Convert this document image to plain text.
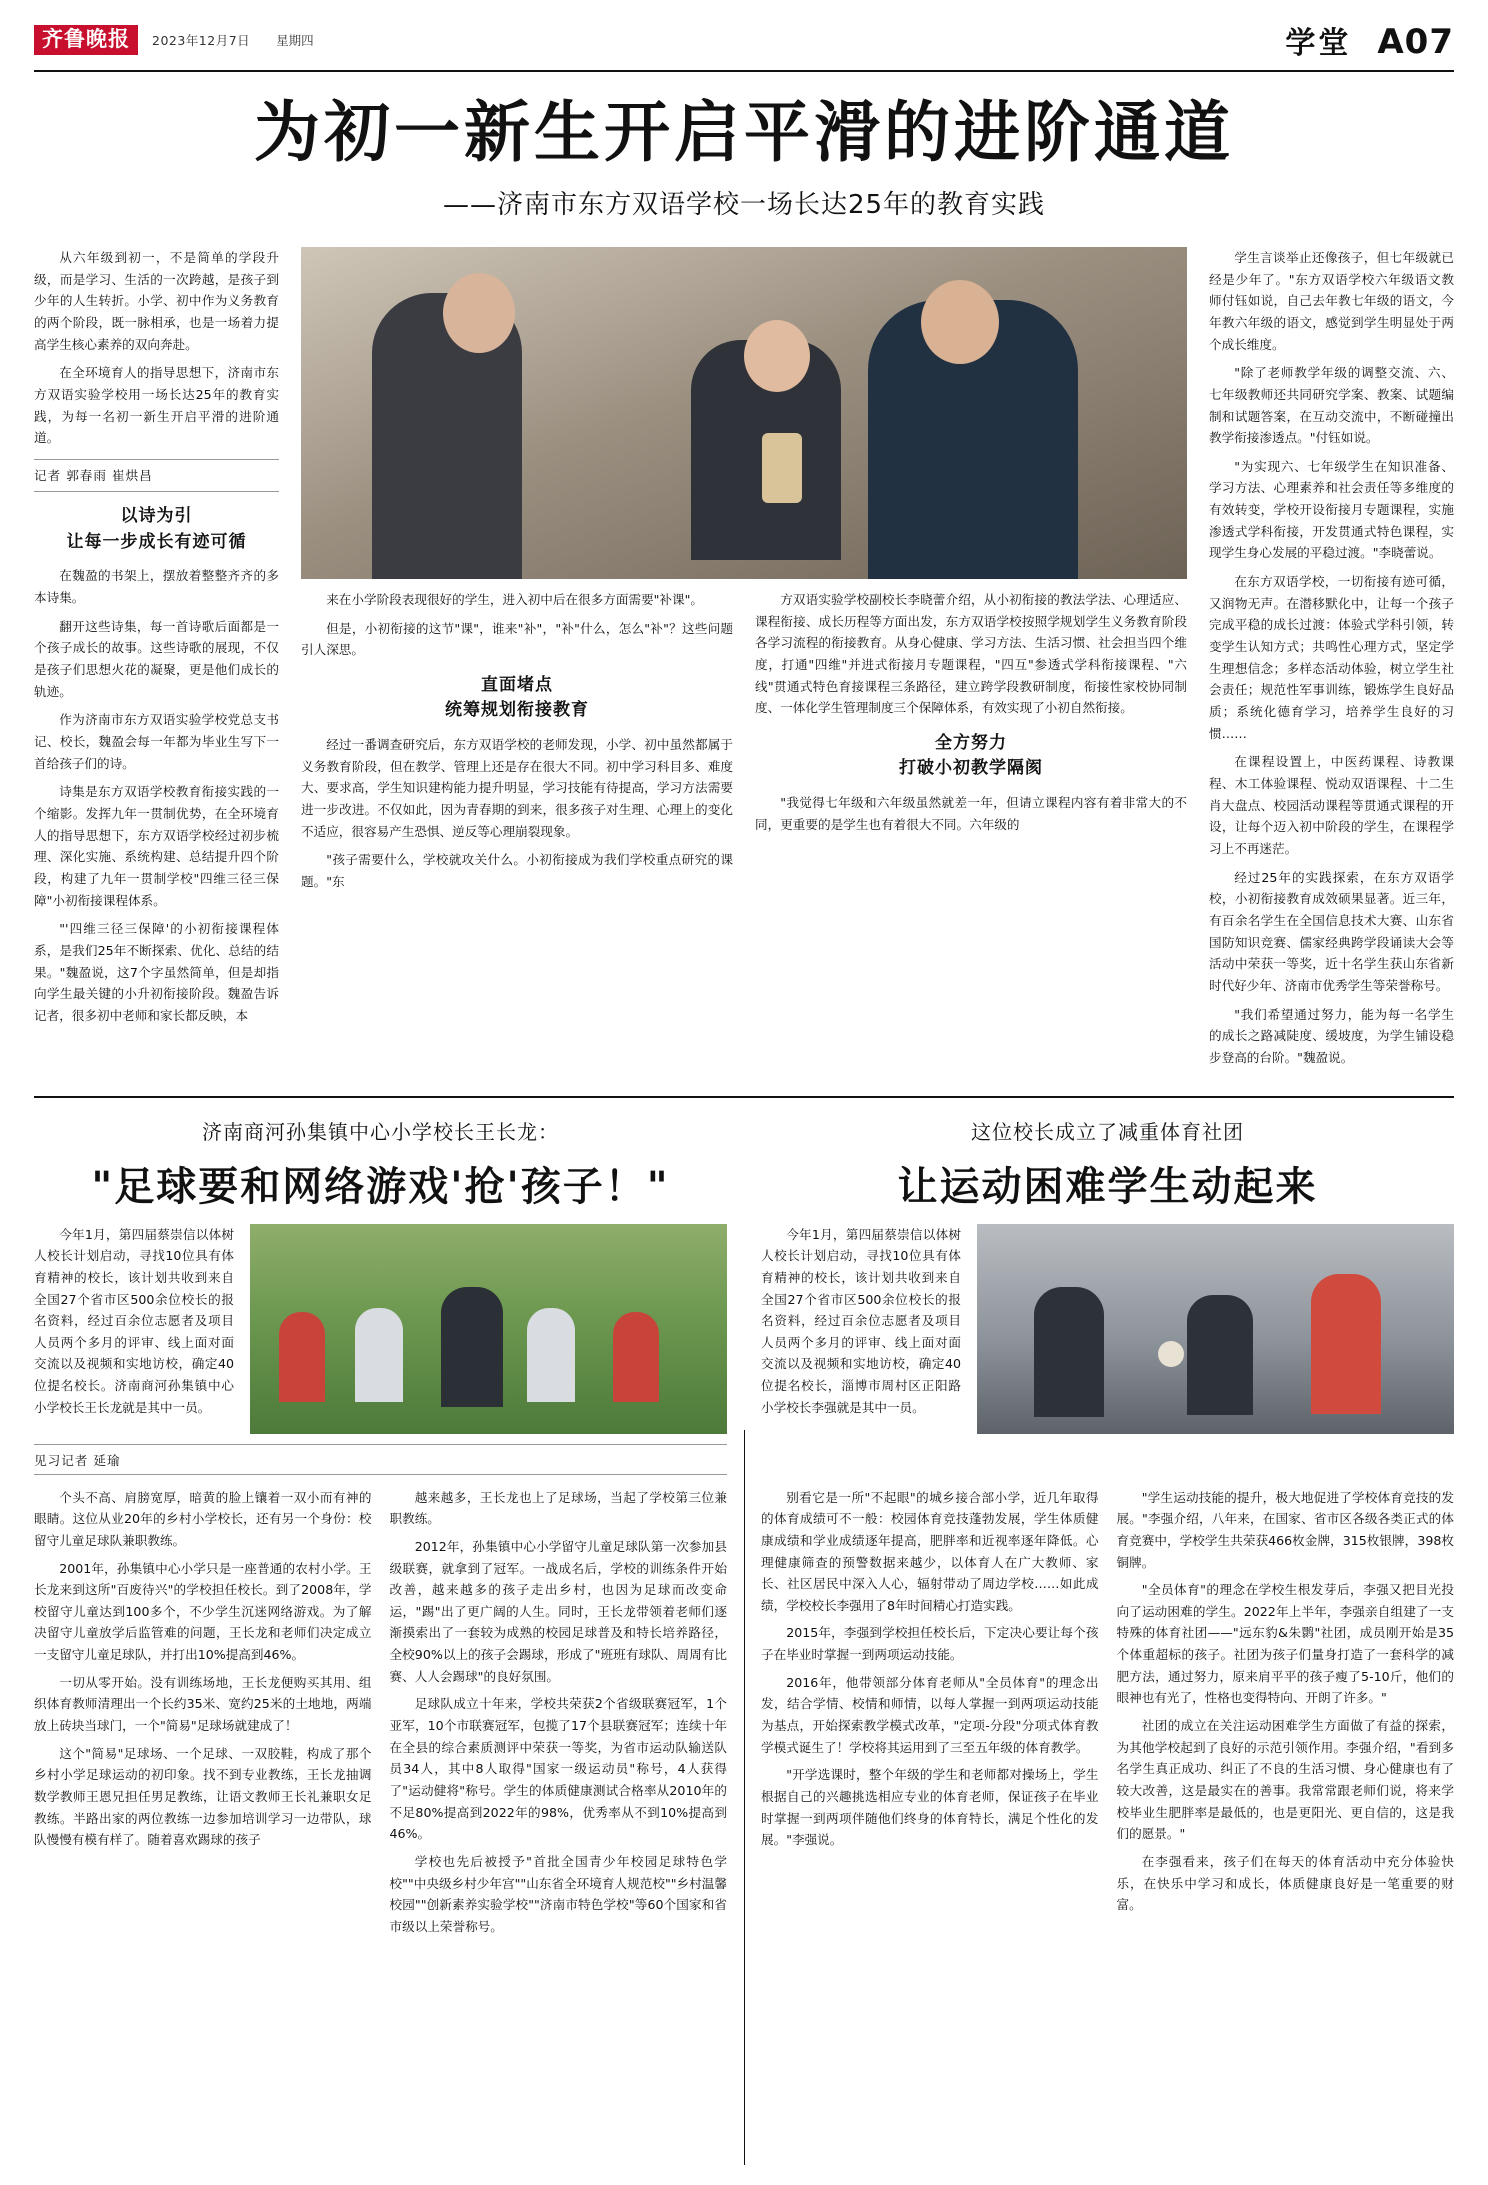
齐鲁晚报	2023年12月7日 星期四	学堂 A07
为初一新生开启平滑的进阶通道
——济南市东方双语学校一场长达25年的教育实践

从六年级到初一，不是简单的学段升级，而是学习、生活的一次跨越，是孩子到少年的人生转折。小学、初中作为义务教育的两个阶段，既一脉相承，也是一场着力提高学生核心素养的双向奔赴。

在全环境育人的指导思想下，济南市东方双语实验学校用一场长达25年的教育实践，为每一名初一新生开启平滑的进阶通道。

记者 郭春雨 崔烘昌
以诗为引
让每一步成长有迹可循

在魏盈的书架上，摆放着整整齐齐的多本诗集。

翻开这些诗集，每一首诗歌后面都是一个孩子成长的故事。这些诗歌的展现，不仅是孩子们思想火花的凝聚，更是他们成长的轨迹。

作为济南市东方双语实验学校党总支书记、校长，魏盈会每一年都为毕业生写下一首给孩子们的诗。

诗集是东方双语学校教育衔接实践的一个缩影。发挥九年一贯制优势，在全环境育人的指导思想下，东方双语学校经过初步梳理、深化实施、系统构建、总结提升四个阶段，构建了九年一贯制学校"四维三径三保障"小初衔接课程体系。

"'四维三径三保障'的小初衔接课程体系，是我们25年不断探索、优化、总结的结果。"魏盈说，这7个字虽然简单，但是却指向学生最关键的小升初衔接阶段。魏盈告诉记者，很多初中老师和家长都反映，本

来在小学阶段表现很好的学生，进入初中后在很多方面需要"补课"。

但是，小初衔接的这节"课"，谁来"补"，"补"什么，怎么"补"？这些问题引人深思。

直面堵点
统筹规划衔接教育

经过一番调查研究后，东方双语学校的老师发现，小学、初中虽然都属于义务教育阶段，但在教学、管理上还是存在很大不同。初中学习科目多、难度大、要求高，学生知识建构能力提升明显，学习技能有待提高，学习方法需要进一步改进。不仅如此，因为青春期的到来，很多孩子对生理、心理上的变化不适应，很容易产生恐惧、逆反等心理崩裂现象。

"孩子需要什么，学校就攻关什么。小初衔接成为我们学校重点研究的课题。"东

方双语实验学校副校长李晓蕾介绍，从小初衔接的教法学法、心理适应、课程衔接、成长历程等方面出发，东方双语学校按照学规划学生义务教育阶段各学习流程的衔接教育。从身心健康、学习方法、生活习惯、社会担当四个维度，打通"四维"并进式衔接月专题课程，"四互"参透式学科衔接课程、"六线"贯通式特色育接课程三条路径，建立跨学段教研制度，衔接性家校协同制度、一体化学生管理制度三个保障体系，有效实现了小初自然衔接。

全方努力
打破小初教学隔阂

"我觉得七年级和六年级虽然就差一年，但请立课程内容有着非常大的不同，更重要的是学生也有着很大不同。六年级的

学生言谈举止还像孩子，但七年级就已经是少年了。"东方双语学校六年级语文教师付钰如说，自己去年教七年级的语文，今年教六年级的语文，感觉到学生明显处于两个成长维度。

"除了老师教学年级的调整交流、六、七年级教师还共同研究学案、教案、试题编制和试题答案，在互动交流中，不断碰撞出教学衔接渗透点。"付钰如说。

"为实现六、七年级学生在知识准备、学习方法、心理素养和社会责任等多维度的有效转变，学校开设衔接月专题课程，实施渗透式学科衔接，开发贯通式特色课程，实现学生身心发展的平稳过渡。"李晓蕾说。

在东方双语学校，一切衔接有迹可循，又润物无声。在潜移默化中，让每一个孩子完成平稳的成长过渡：体验式学科引领，转变学生认知方式；共鸣性心理方式，坚定学生理想信念；多样态活动体验，树立学生社会责任；规范性军事训练，锻炼学生良好品质；系统化德育学习，培养学生良好的习惯……

在课程设置上，中医药课程、诗教课程、木工体验课程、悦动双语课程、十二生肖大盘点、校园活动课程等贯通式课程的开设，让每个迈入初中阶段的学生，在课程学习上不再迷茫。

经过25年的实践探索，在东方双语学校，小初衔接教育成效硕果显著。近三年，有百余名学生在全国信息技术大赛、山东省国防知识竞赛、儒家经典跨学段诵读大会等活动中荣获一等奖，近十名学生获山东省新时代好少年、济南市优秀学生等荣誉称号。

"我们希望通过努力，能为每一名学生的成长之路减陡度、缓坡度，为学生铺设稳步登高的台阶。"魏盈说。

济南商河孙集镇中心小学校长王长龙：
"足球要和网络游戏'抢'孩子！"

今年1月，第四届蔡崇信以体树人校长计划启动，寻找10位具有体育精神的校长，该计划共收到来自全国27个省市区500余位校长的报名资料，经过百余位志愿者及项目人员两个多月的评审、线上面对面交流以及视频和实地访校，确定40位提名校长。济南商河孙集镇中心小学校长王长龙就是其中一员。

见习记者 延瑜

个头不高、肩膀宽厚，暗黄的脸上镶着一双小而有神的眼睛。这位从业20年的乡村小学校长，还有另一个身份：校留守儿童足球队兼职教练。

2001年，孙集镇中心小学只是一座普通的农村小学。王长龙来到这所"百废待兴"的学校担任校长。到了2008年，学校留守儿童达到100多个，不少学生沉迷网络游戏。为了解决留守儿童放学后监管难的问题，王长龙和老师们决定成立一支留守儿童足球队，并打出10%提高到46%。

一切从零开始。没有训练场地，王长龙便购买其用、组织体育教师清理出一个长约35米、宽约25米的土地地，两端放上砖块当球门，一个"简易"足球场就建成了！

这个"简易"足球场、一个足球、一双胶鞋，构成了那个乡村小学足球运动的初印象。找不到专业教练，王长龙抽调数学教师王恩兄担任男足教练，让语文教师王长礼兼职女足教练。半路出家的两位教练一边参加培训学习一边带队，球队慢慢有模有样了。随着喜欢踢球的孩子

越来越多，王长龙也上了足球场，当起了学校第三位兼职教练。

2012年，孙集镇中心小学留守儿童足球队第一次参加县级联赛，就拿到了冠军。一战成名后，学校的训练条件开始改善，越来越多的孩子走出乡村，也因为足球而改变命运，"踢"出了更广阔的人生。同时，王长龙带领着老师们逐渐摸索出了一套较为成熟的校园足球普及和特长培养路径，全校90%以上的孩子会踢球，形成了"班班有球队、周周有比赛、人人会踢球"的良好氛围。

足球队成立十年来，学校共荣获2个省级联赛冠军，1个亚军，10个市联赛冠军，包揽了17个县联赛冠军；连续十年在全县的综合素质测评中荣获一等奖，为省市运动队输送队员34人，其中8人取得"国家一级运动员"称号，4人获得了"运动健将"称号。学生的体质健康测试合格率从2010年的不足80%提高到2022年的98%，优秀率从不到10%提高到46%。

学校也先后被授予"首批全国青少年校园足球特色学校""中央级乡村少年宫""山东省全环境育人规范校""乡村温馨校园""创新素养实验学校""济南市特色学校"等60个国家和省市级以上荣誉称号。

这位校长成立了减重体育社团
让运动困难学生动起来

今年1月，第四届蔡崇信以体树人校长计划启动，寻找10位具有体育精神的校长，该计划共收到来自全国27个省市区500余位校长的报名资料，经过百余位志愿者及项目人员两个多月的评审、线上面对面交流以及视频和实地访校，确定40位提名校长，淄博市周村区正阳路小学校长李强就是其中一员。

别看它是一所"不起眼"的城乡接合部小学，近几年取得的体育成绩可不一般：校园体育竞技蓬勃发展，学生体质健康成绩和学业成绩逐年提高，肥胖率和近视率逐年降低。心理健康筛查的预警数据来越少，以体育人在广大教师、家长、社区居民中深入人心，辐射带动了周边学校……如此成绩，学校校长李强用了8年时间精心打造实践。

2015年，李强到学校担任校长后，下定决心要让每个孩子在毕业时掌握一到两项运动技能。

2016年，他带领部分体育老师从"全员体育"的理念出发，结合学情、校情和师情，以每人掌握一到两项运动技能为基点，开始探索教学模式改革，"定项-分段"分项式体育教学模式诞生了！学校将其运用到了三至五年级的体育教学。

"开学选课时，整个年级的学生和老师都对操场上，学生根据自己的兴趣挑选相应专业的体育老师，保证孩子在毕业时掌握一到两项伴随他们终身的体育特长，满足个性化的发展。"李强说。

"学生运动技能的提升，极大地促进了学校体育竞技的发展。"李强介绍，八年来，在国家、省市区各级各类正式的体育竞赛中，学校学生共荣获466枚金牌，315枚银牌，398枚铜牌。

"全员体育"的理念在学校生根发芽后，李强又把目光投向了运动困难的学生。2022年上半年，李强亲自组建了一支特殊的体育社团——"远东豹&朱鹮"社团，成员刚开始是35个体重超标的孩子。社团为孩子们量身打造了一套科学的减肥方法，通过努力，原来肩平平的孩子瘦了5-10斤，他们的眼神也有光了，性格也变得特向、开朗了许多。"

社团的成立在关注运动困难学生方面做了有益的探索，为其他学校起到了良好的示范引领作用。李强介绍，"看到多名学生真正成功、纠正了不良的生活习惯、身心健康也有了较大改善，这是最实在的善事。我常常跟老师们说，将来学校毕业生肥胖率是最低的，也是更阳光、更自信的，这是我们的愿景。"

在李强看来，孩子们在每天的体育活动中充分体验快乐，在快乐中学习和成长，体质健康良好是一笔重要的财富。
